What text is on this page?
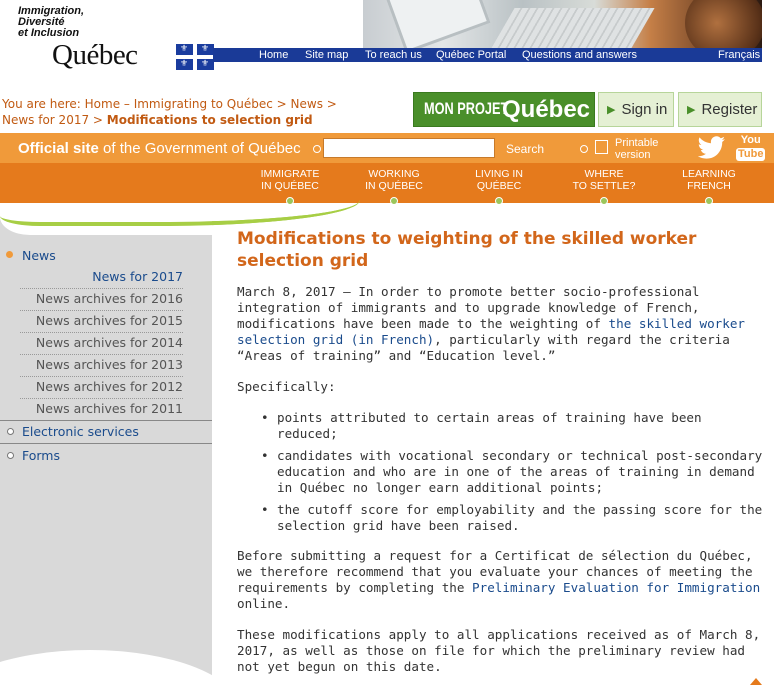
Immigration,
Diversité
et Inclusion
Québec	⚜ ⚜
⚜ ⚜
Home Site map To reach us Québec Portal Questions and answers	Français
You are here: Home – Immigrating to Québec > News >
News for 2017 > Modifications to selection grid
MON PROJET
Québec ▶ Sign in ▶ Register
Official site of the Government of Québec	Search	Printable
version
You
Tube
IMMIGRATE
IN QUÉBEC
WORKING
IN QUÉBEC
LIVING IN
QUÉBEC
WHERE
TO SETTLE?
LEARNING
FRENCH
News
News for 2017
News archives for 2016
News archives for 2015
News archives for 2014
News archives for 2013
News archives for 2012
News archives for 2011
Electronic services
Forms
Modifications to weighting of the skilled worker selection grid

March 8, 2017 – In order to promote better socio-professional integration of immigrants and to upgrade knowledge of French, modifications have been made to the weighting of the skilled worker selection grid (in French), particularly with regard the criteria “Areas of training” and “Education level.”

Specifically:

• points attributed to certain areas of training have been reduced;
• candidates with vocational secondary or technical post-secondary education and who are in one of the areas of training in demand in Québec no longer earn additional points;
• the cutoff score for employability and the passing score for the selection grid have been raised.

Before submitting a request for a Certificat de sélection du Québec, we therefore recommend that you evaluate your chances of meeting the requirements by completing the Preliminary Evaluation for Immigration online.

These modifications apply to all applications received as of March 8, 2017, as well as those on file for which the preliminary review had not yet begun on this date.
